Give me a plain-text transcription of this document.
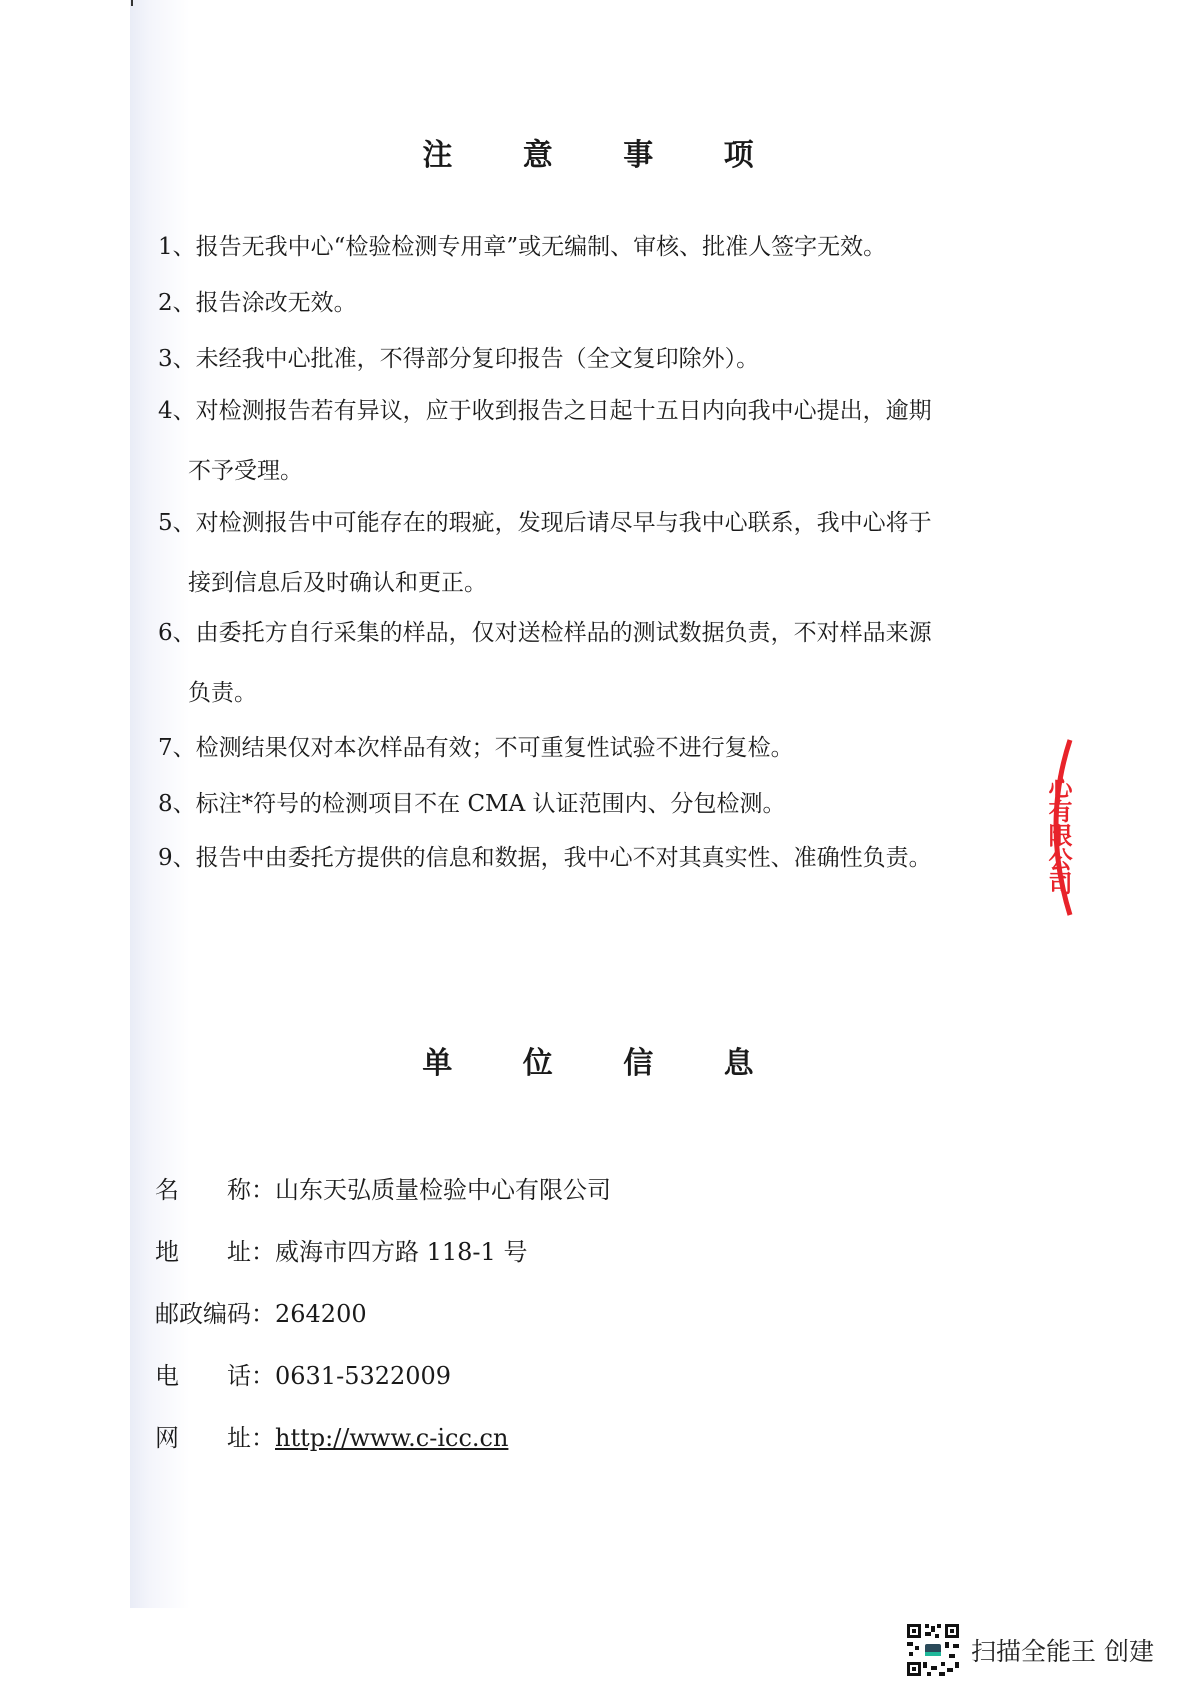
注 意 事 项
1、报告无我中心“检验检测专用章”或无编制、审核、批准人签字无效。
2、报告涂改无效。
3、未经我中心批准，不得部分复印报告（全文复印除外）。
4、对检测报告若有异议，应于收到报告之日起十五日内向我中心提出，逾期
不予受理。
5、对检测报告中可能存在的瑕疵，发现后请尽早与我中心联系，我中心将于
接到信息后及时确认和更正。
6、由委托方自行采集的样品，仅对送检样品的测试数据负责，不对样品来源
负责。
7、检测结果仅对本次样品有效；不可重复性试验不进行复检。
8、标注*符号的检测项目不在 CMA 认证范围内、分包检测。
9、报告中由委托方提供的信息和数据，我中心不对其真实性、准确性负责。	心有限公司
单 位 信 息
名　　称：山东天弘质量检验中心有限公司
地　　址：威海市四方路 118-1 号
邮政编码：264200
电　　话：0631-5322009
网　　址：http://www.c-icc.cn
扫描全能王 创建
